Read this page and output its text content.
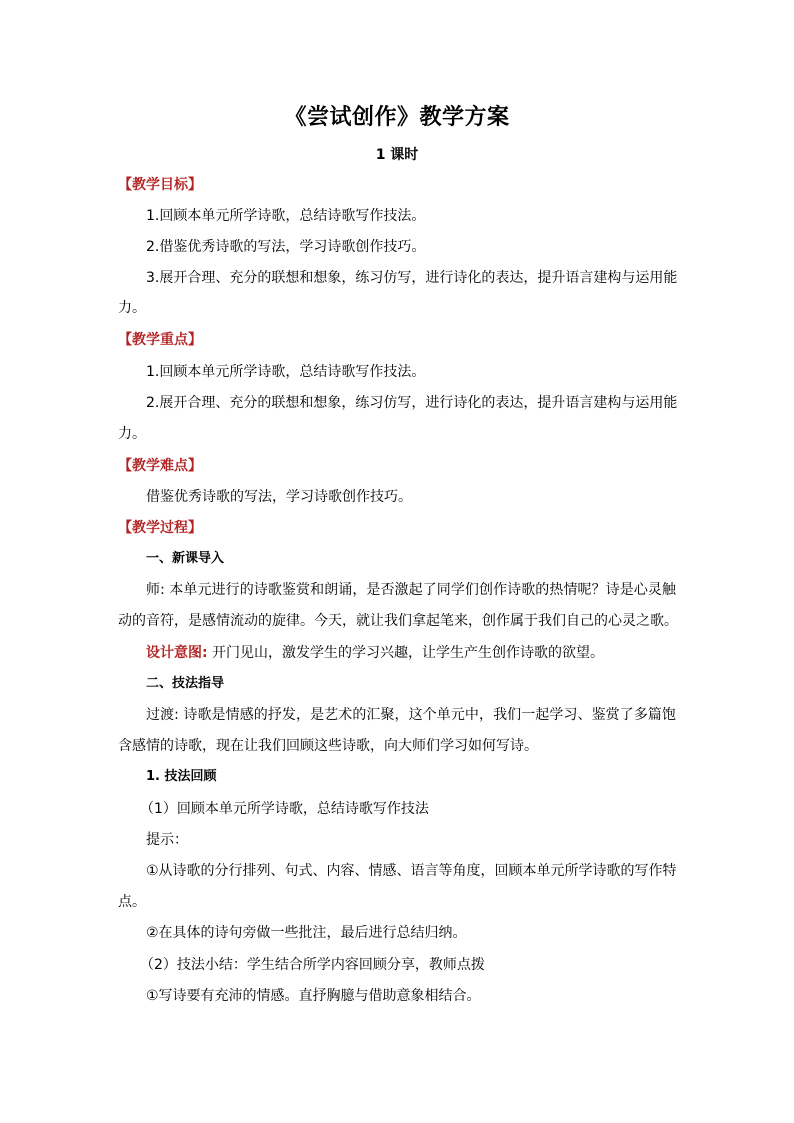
《尝试创作》教学方案
1 课时
【教学目标】
1.回顾本单元所学诗歌，总结诗歌写作技法。
2.借鉴优秀诗歌的写法，学习诗歌创作技巧。
3.展开合理、充分的联想和想象，练习仿写，进行诗化的表达，提升语言建构与运用能
力。
【教学重点】
1.回顾本单元所学诗歌，总结诗歌写作技法。
2.展开合理、充分的联想和想象，练习仿写，进行诗化的表达，提升语言建构与运用能
力。
【教学难点】
借鉴优秀诗歌的写法，学习诗歌创作技巧。
【教学过程】
一、新课导入
师: 本单元进行的诗歌鉴赏和朗诵，是否激起了同学们创作诗歌的热情呢？诗是心灵触
动的音符，是感情流动的旋律。今天，就让我们拿起笔来，创作属于我们自己的心灵之歌。
设计意图: 开门见山，激发学生的学习兴趣，让学生产生创作诗歌的欲望。
二、技法指导
过渡: 诗歌是情感的抒发，是艺术的汇聚，这个单元中，我们一起学习、鉴赏了多篇饱
含感情的诗歌，现在让我们回顾这些诗歌，向大师们学习如何写诗。
1. 技法回顾
（1）回顾本单元所学诗歌，总结诗歌写作技法
提示：
①从诗歌的分行排列、句式、内容、情感、语言等角度，回顾本单元所学诗歌的写作特
点。
②在具体的诗句旁做一些批注，最后进行总结归纳。
（2）技法小结：学生结合所学内容回顾分享，教师点拨
①写诗要有充沛的情感。直抒胸臆与借助意象相结合。
